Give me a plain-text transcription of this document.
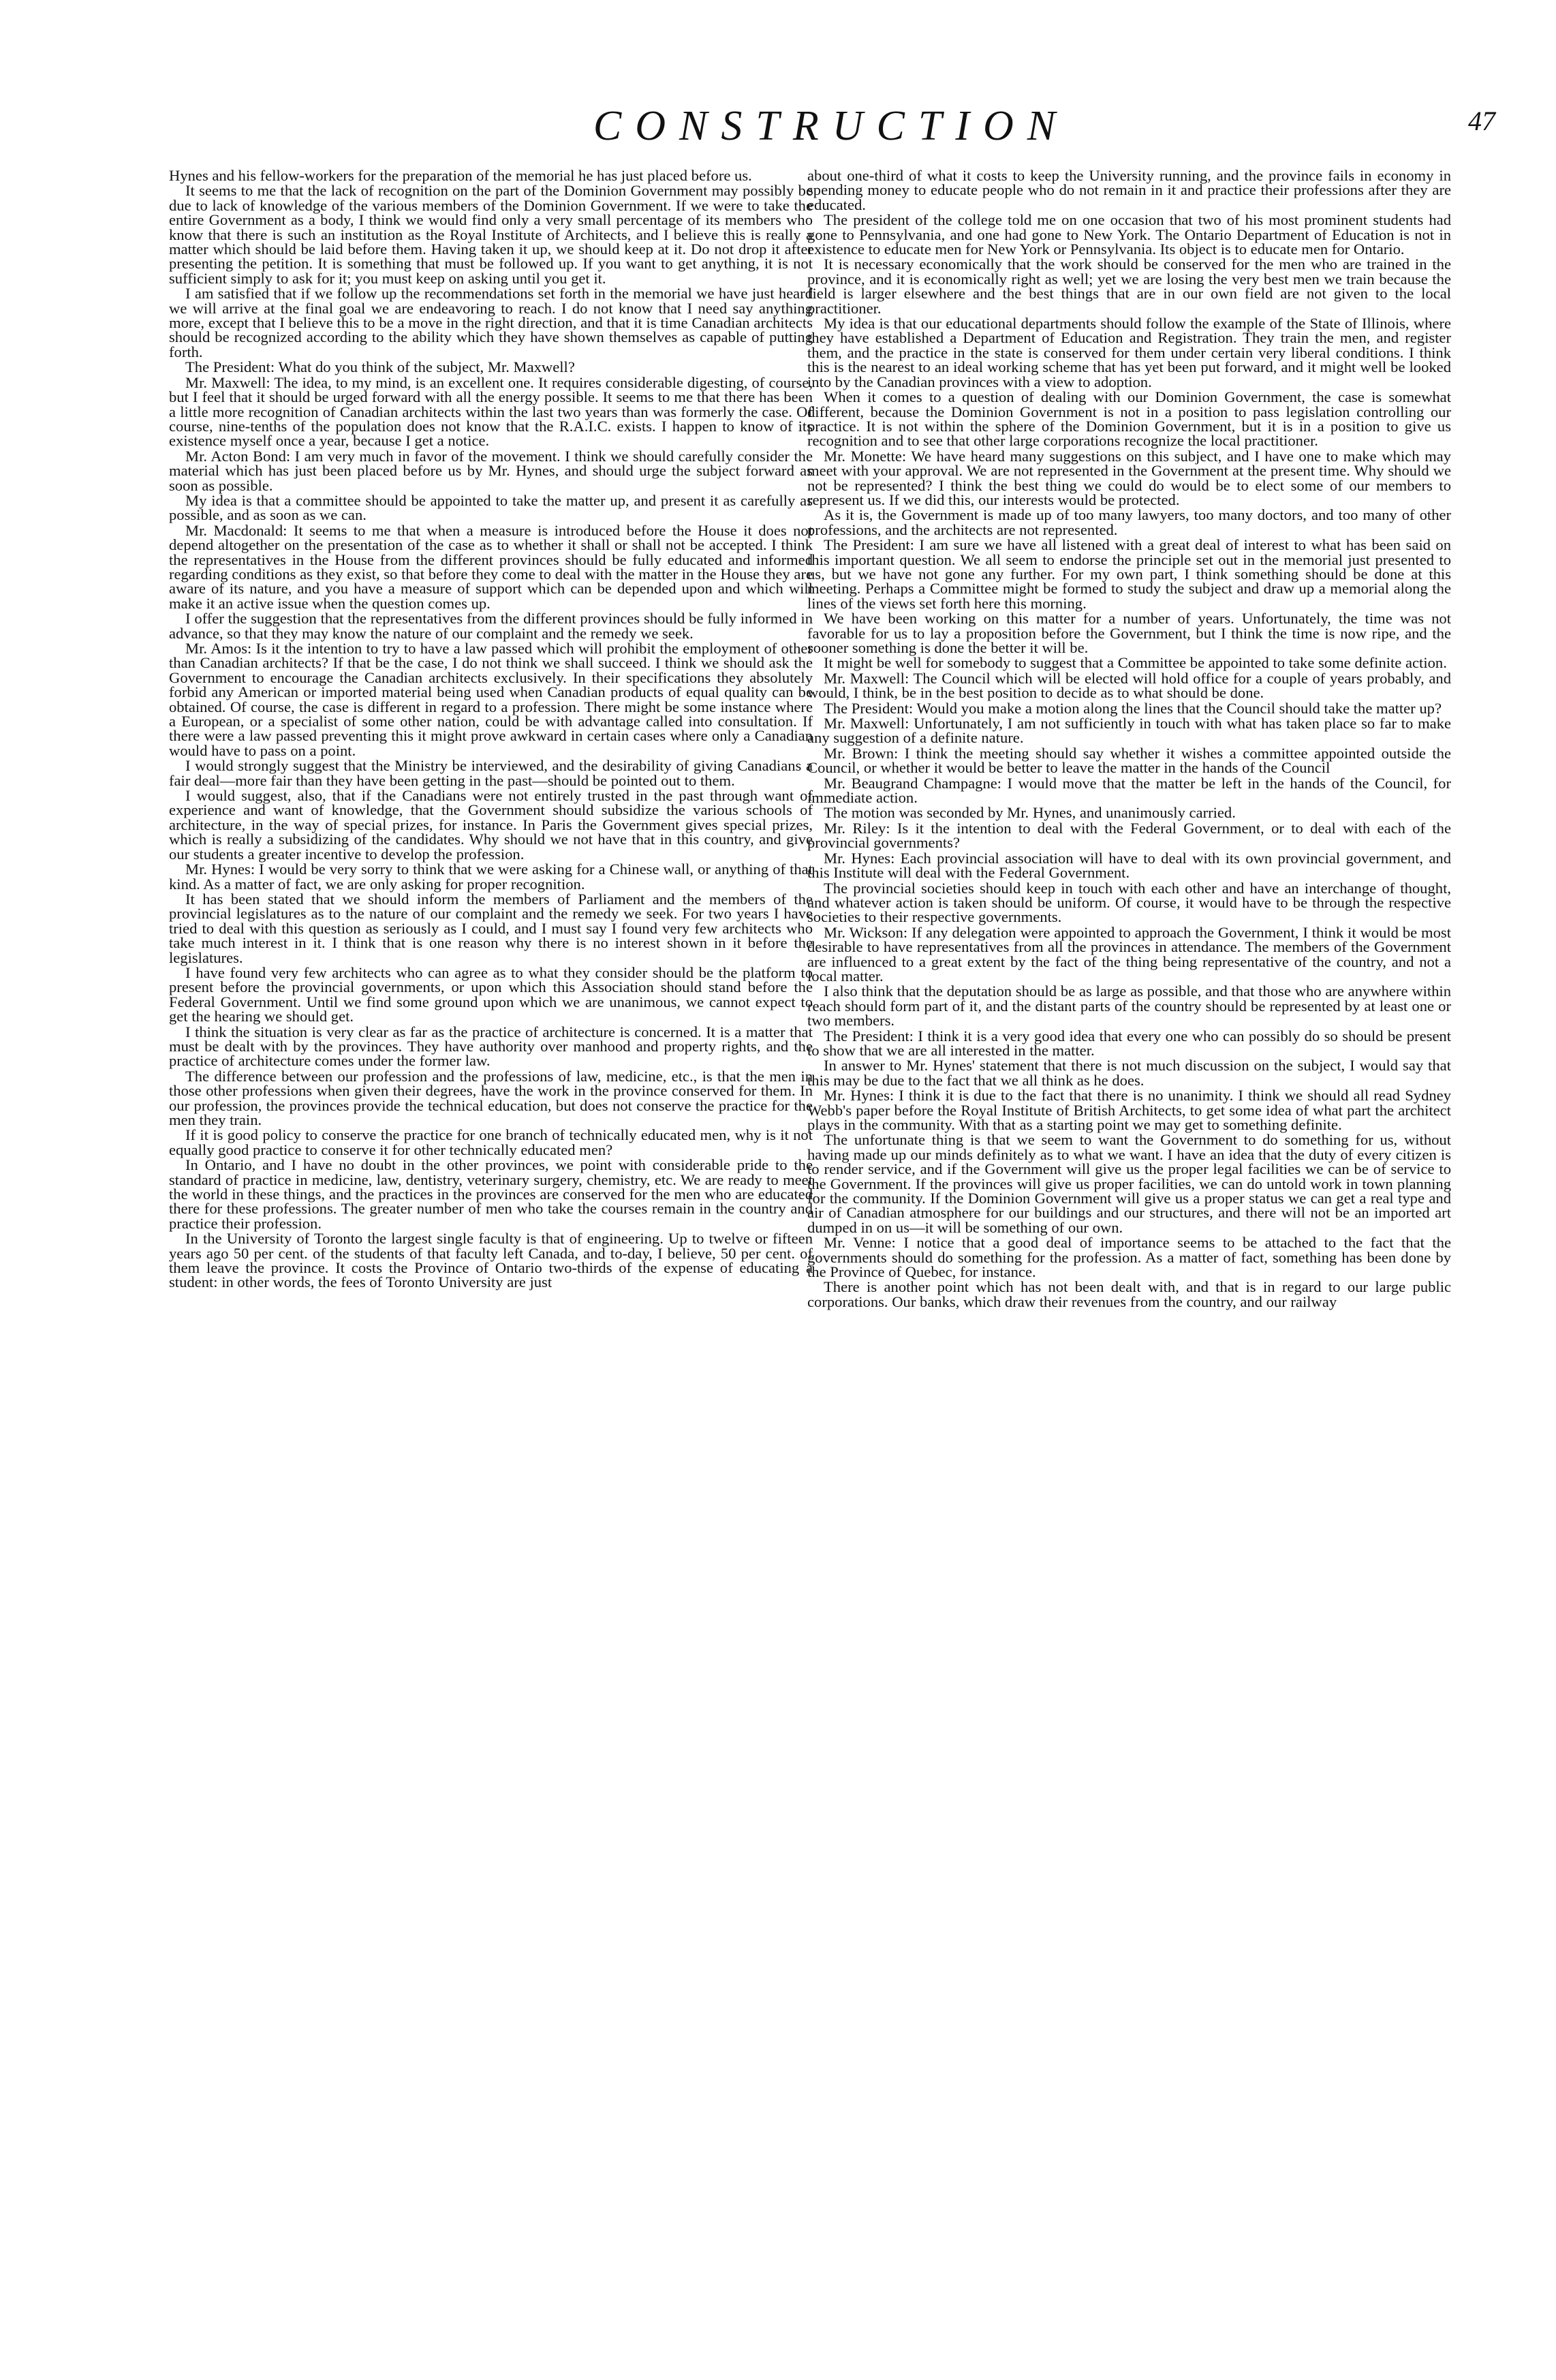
CONSTRUCTION	47

Hynes and his fellow-workers for the preparation of the memorial he has just placed before us.

It seems to me that the lack of recognition on the part of the Dominion Government may possibly be due to lack of knowledge of the various members of the Dominion Government. If we were to take the entire Government as a body, I think we would find only a very small percentage of its members who know that there is such an institution as the Royal Institute of Architects, and I believe this is really a matter which should be laid before them. Having taken it up, we should keep at it. Do not drop it after presenting the petition. It is something that must be followed up. If you want to get anything, it is not sufficient simply to ask for it; you must keep on asking until you get it.

I am satisfied that if we follow up the recommendations set forth in the memorial we have just heard we will arrive at the final goal we are endeavoring to reach. I do not know that I need say anything more, except that I believe this to be a move in the right direction, and that it is time Canadian architects should be recognized according to the ability which they have shown themselves as capable of putting forth.

The President: What do you think of the subject, Mr. Maxwell?

Mr. Maxwell: The idea, to my mind, is an excellent one. It requires considerable digesting, of course, but I feel that it should be urged forward with all the energy possible. It seems to me that there has been a little more recognition of Canadian architects within the last two years than was formerly the case. Of course, nine-tenths of the population does not know that the R.A.I.C. exists. I happen to know of its existence myself once a year, because I get a notice.

Mr. Acton Bond: I am very much in favor of the movement. I think we should carefully consider the material which has just been placed before us by Mr. Hynes, and should urge the subject forward as soon as possible.

My idea is that a committee should be appointed to take the matter up, and present it as carefully as possible, and as soon as we can.

Mr. Macdonald: It seems to me that when a measure is introduced before the House it does not depend altogether on the presentation of the case as to whether it shall or shall not be accepted. I think the representatives in the House from the different provinces should be fully educated and informed regarding conditions as they exist, so that before they come to deal with the matter in the House they are aware of its nature, and you have a measure of support which can be depended upon and which will make it an active issue when the question comes up.

I offer the suggestion that the representatives from the different provinces should be fully informed in advance, so that they may know the nature of our complaint and the remedy we seek.

Mr. Amos: Is it the intention to try to have a law passed which will prohibit the employment of other than Canadian architects? If that be the case, I do not think we shall succeed. I think we should ask the Government to encourage the Canadian architects exclusively. In their specifications they absolutely forbid any American or imported material being used when Canadian products of equal quality can be obtained. Of course, the case is different in regard to a profession. There might be some instance where a European, or a specialist of some other nation, could be with advantage called into consultation. If there were a law passed preventing this it might prove awkward in certain cases where only a Canadian would have to pass on a point.

I would strongly suggest that the Ministry be interviewed, and the desirability of giving Canadians a fair deal—more fair than they have been getting in the past—should be pointed out to them.

I would suggest, also, that if the Canadians were not entirely trusted in the past through want of experience and want of knowledge, that the Government should subsidize the various schools of architecture, in the way of special prizes, for instance. In Paris the Government gives special prizes, which is really a subsidizing of the candidates. Why should we not have that in this country, and give our students a greater incentive to develop the profession.

Mr. Hynes: I would be very sorry to think that we were asking for a Chinese wall, or anything of that kind. As a matter of fact, we are only asking for proper recognition.

It has been stated that we should inform the members of Parliament and the members of the provincial legislatures as to the nature of our complaint and the remedy we seek. For two years I have tried to deal with this question as seriously as I could, and I must say I found very few architects who take much interest in it. I think that is one reason why there is no interest shown in it before the legislatures.

I have found very few architects who can agree as to what they consider should be the platform to present before the provincial governments, or upon which this Association should stand before the Federal Government. Until we find some ground upon which we are unanimous, we cannot expect to get the hearing we should get.

I think the situation is very clear as far as the practice of architecture is concerned. It is a matter that must be dealt with by the provinces. They have authority over manhood and property rights, and the practice of architecture comes under the former law.

The difference between our profession and the professions of law, medicine, etc., is that the men in those other professions when given their degrees, have the work in the province conserved for them. In our profession, the provinces provide the technical education, but does not conserve the practice for the men they train.

If it is good policy to conserve the practice for one branch of technically educated men, why is it not equally good practice to conserve it for other technically educated men?

In Ontario, and I have no doubt in the other provinces, we point with considerable pride to the standard of practice in medicine, law, dentistry, veterinary surgery, chemistry, etc. We are ready to meet the world in these things, and the practices in the provinces are conserved for the men who are educated there for these professions. The greater number of men who take the courses remain in the country and practice their profession.

In the University of Toronto the largest single faculty is that of engineering. Up to twelve or fifteen years ago 50 per cent. of the students of that faculty left Canada, and to-day, I believe, 50 per cent. of them leave the province. It costs the Province of Ontario two-thirds of the expense of educating a student: in other words, the fees of Toronto University are just

about one-third of what it costs to keep the University running, and the province fails in economy in spending money to educate people who do not remain in it and practice their professions after they are educated.

The president of the college told me on one occasion that two of his most prominent students had gone to Pennsylvania, and one had gone to New York. The Ontario Department of Education is not in existence to educate men for New York or Pennsylvania. Its object is to educate men for Ontario.

It is necessary economically that the work should be conserved for the men who are trained in the province, and it is economically right as well; yet we are losing the very best men we train because the field is larger elsewhere and the best things that are in our own field are not given to the local practitioner.

My idea is that our educational departments should follow the example of the State of Illinois, where they have established a Department of Education and Registration. They train the men, and register them, and the practice in the state is conserved for them under certain very liberal conditions. I think this is the nearest to an ideal working scheme that has yet been put forward, and it might well be looked into by the Canadian provinces with a view to adoption.

When it comes to a question of dealing with our Dominion Government, the case is somewhat different, because the Dominion Government is not in a position to pass legislation controlling our practice. It is not within the sphere of the Dominion Government, but it is in a position to give us recognition and to see that other large corporations recognize the local practitioner.

Mr. Monette: We have heard many suggestions on this subject, and I have one to make which may meet with your approval. We are not represented in the Government at the present time. Why should we not be represented? I think the best thing we could do would be to elect some of our members to represent us. If we did this, our interests would be protected.

As it is, the Government is made up of too many lawyers, too many doctors, and too many of other professions, and the architects are not represented.

The President: I am sure we have all listened with a great deal of interest to what has been said on this important question. We all seem to endorse the principle set out in the memorial just presented to us, but we have not gone any further. For my own part, I think something should be done at this meeting. Perhaps a Committee might be formed to study the subject and draw up a memorial along the lines of the views set forth here this morning.

We have been working on this matter for a number of years. Unfortunately, the time was not favorable for us to lay a proposition before the Government, but I think the time is now ripe, and the sooner something is done the better it will be.

It might be well for somebody to suggest that a Committee be appointed to take some definite action.

Mr. Maxwell: The Council which will be elected will hold office for a couple of years probably, and would, I think, be in the best position to decide as to what should be done.

The President: Would you make a motion along the lines that the Council should take the matter up?

Mr. Maxwell: Unfortunately, I am not sufficiently in touch with what has taken place so far to make any suggestion of a definite nature.

Mr. Brown: I think the meeting should say whether it wishes a committee appointed outside the Council, or whether it would be better to leave the matter in the hands of the Council

Mr. Beaugrand Champagne: I would move that the matter be left in the hands of the Council, for immediate action.

The motion was seconded by Mr. Hynes, and unanimously carried.

Mr. Riley: Is it the intention to deal with the Federal Government, or to deal with each of the provincial governments?

Mr. Hynes: Each provincial association will have to deal with its own provincial government, and this Institute will deal with the Federal Government.

The provincial societies should keep in touch with each other and have an interchange of thought, and whatever action is taken should be uniform. Of course, it would have to be through the respective societies to their respective governments.

Mr. Wickson: If any delegation were appointed to approach the Government, I think it would be most desirable to have representatives from all the provinces in attendance. The members of the Government are influenced to a great extent by the fact of the thing being representative of the country, and not a local matter.

I also think that the deputation should be as large as possible, and that those who are anywhere within reach should form part of it, and the distant parts of the country should be represented by at least one or two members.

The President: I think it is a very good idea that every one who can possibly do so should be present to show that we are all interested in the matter.

In answer to Mr. Hynes' statement that there is not much discussion on the subject, I would say that this may be due to the fact that we all think as he does.

Mr. Hynes: I think it is due to the fact that there is no unanimity. I think we should all read Sydney Webb's paper before the Royal Institute of British Architects, to get some idea of what part the architect plays in the community. With that as a starting point we may get to something definite.

The unfortunate thing is that we seem to want the Government to do something for us, without having made up our minds definitely as to what we want. I have an idea that the duty of every citizen is to render service, and if the Government will give us the proper legal facilities we can be of service to the Government. If the provinces will give us proper facilities, we can do untold work in town planning for the community. If the Dominion Government will give us a proper status we can get a real type and air of Canadian atmosphere for our buildings and our structures, and there will not be an imported art dumped in on us—it will be something of our own.

Mr. Venne: I notice that a good deal of importance seems to be attached to the fact that the governments should do something for the profession. As a matter of fact, something has been done by the Province of Quebec, for instance.

There is another point which has not been dealt with, and that is in regard to our large public corporations. Our banks, which draw their revenues from the country, and our railway
